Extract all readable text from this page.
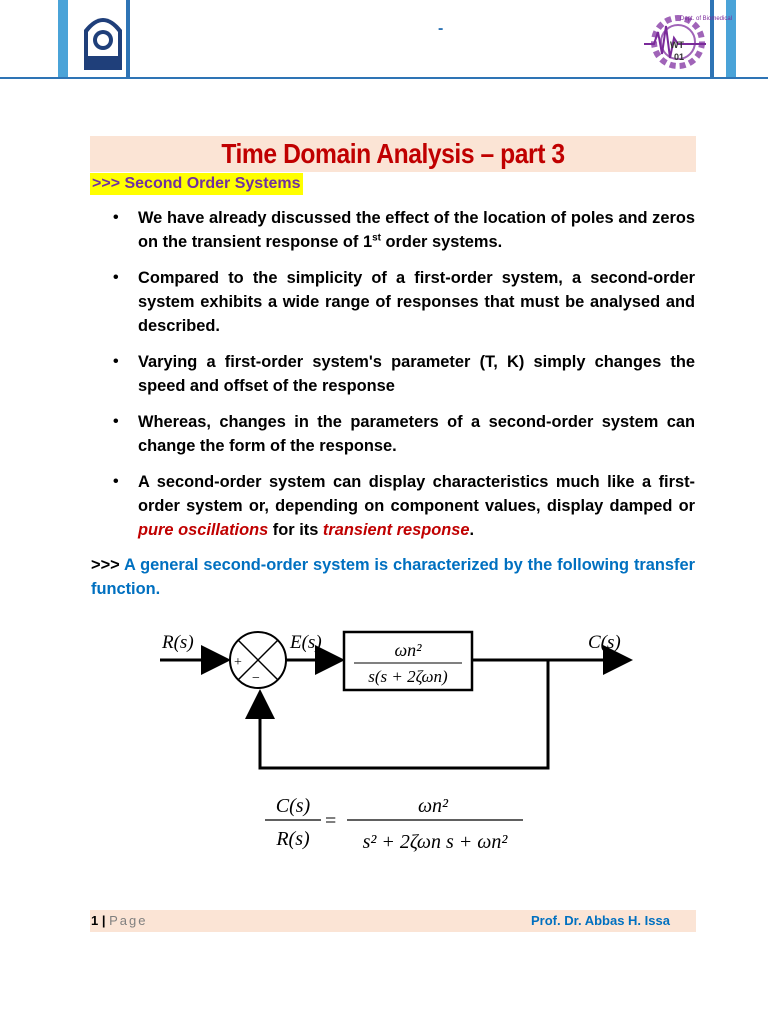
-
Dept. of Biomedical
WT
01
Time Domain Analysis – part 3
>>> Second Order Systems
• We have already discussed the effect of the location of poles and zeros on the transient response of 1st order systems.
• Compared to the simplicity of a first-order system, a second-order system exhibits a wide range of responses that must be analysed and described.
• Varying a first-order system's parameter (T, K) simply changes the speed and offset of the response
• Whereas, changes in the parameters of a second-order system can change the form of the response.
• A second-order system can display characteristics much like a first-order system or, depending on component values, display damped or pure oscillations for its transient response.
>>> A general second-order system is characterized by the following transfer function.
R(s)	E(s)	C(s)
+
−
ωn²
s(s + 2ζωn)
C(s)
R(s)
=
ωn²
s² + 2ζωn s + ωn²
1 | Page	Prof. Dr. Abbas H. Issa
